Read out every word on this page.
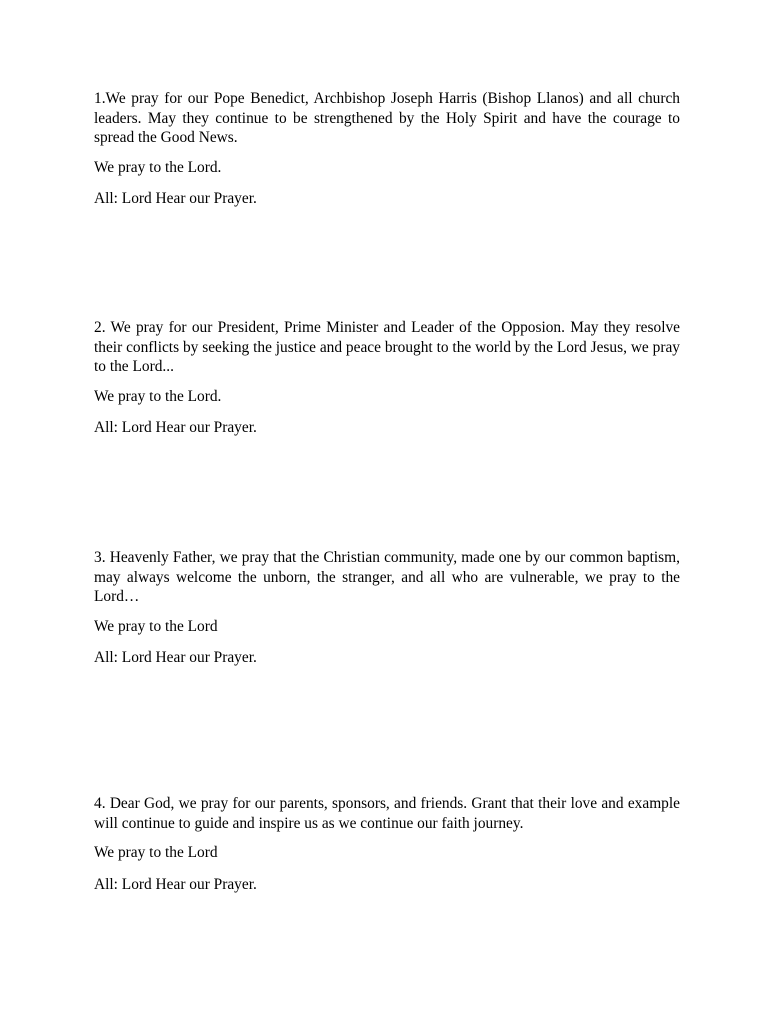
1.We pray for our Pope Benedict, Archbishop Joseph Harris (Bishop Llanos) and all church leaders. May they continue to be strengthened by the Holy Spirit and have the courage to spread the Good News.

We pray to the Lord.

All: Lord Hear our Prayer.

2. We pray for our President, Prime Minister and Leader of the Opposion. May they resolve their conflicts by seeking the justice and peace brought to the world by the Lord Jesus, we pray to the Lord...

We pray to the Lord.

All: Lord Hear our Prayer.

3. Heavenly Father, we pray that the Christian community, made one by our common baptism, may always welcome the unborn, the stranger, and all who are vulnerable, we pray to the Lord…

We pray to the Lord

All: Lord Hear our Prayer.

4. Dear God, we pray for our parents, sponsors, and friends. Grant that their love and example will continue to guide and inspire us as we continue our faith journey.

We pray to the Lord

All: Lord Hear our Prayer.
